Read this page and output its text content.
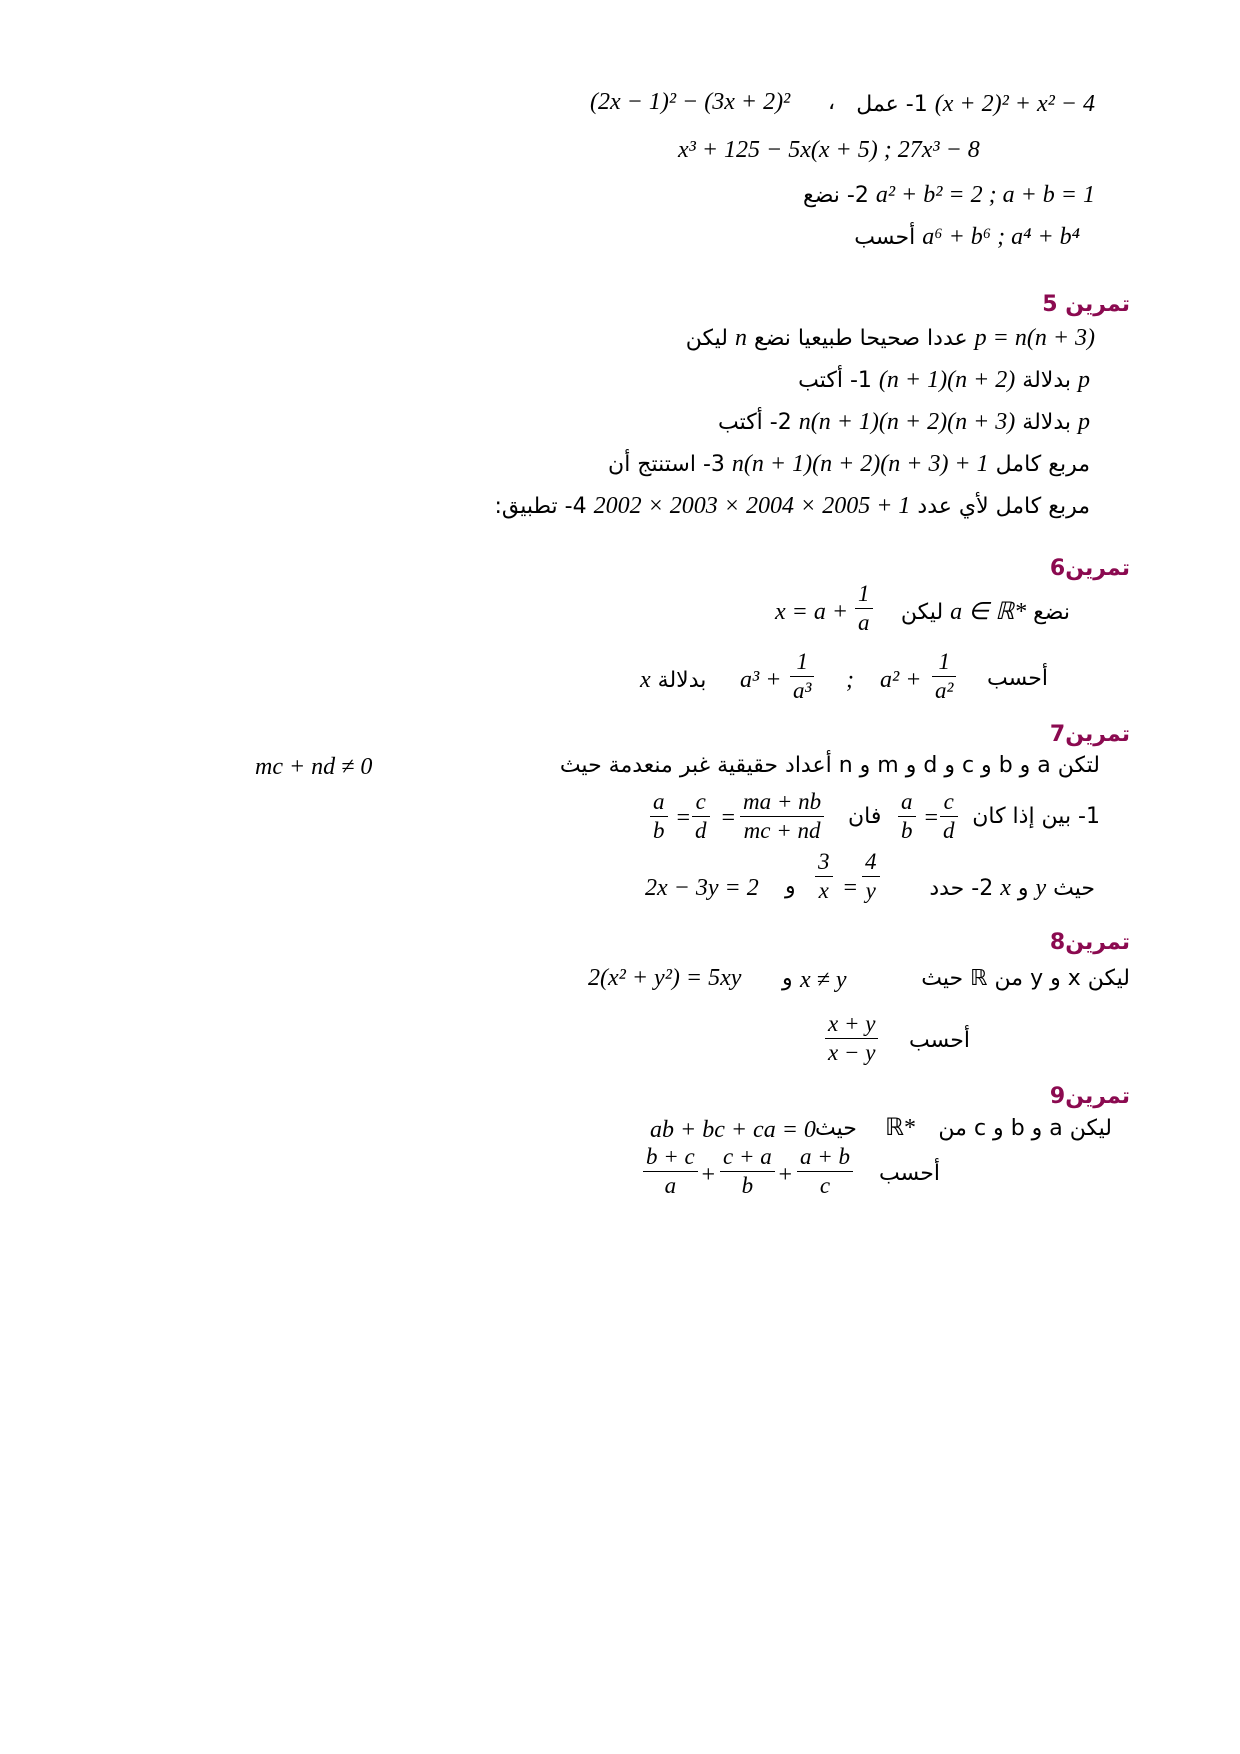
1- عمل (x + 2)² + x² − 4
،
(2x − 1)² − (3x + 2)²
x³ + 125 − 5x(x + 5) ; 27x³ − 8
2- نضع a² + b² = 2 ; a + b = 1
أحسب a⁶ + b⁶ ; a⁴ + b⁴
تمرين 5
ليكن n عددا صحيحا طبيعيا نضع p = n(n + 3)
1- أكتب (n + 1)(n + 2) بدلالة p
2- أكتب n(n + 1)(n + 2)(n + 3) بدلالة p
3- استنتج أن n(n + 1)(n + 2)(n + 3) + 1 مربع كامل
4- تطبيق: 2002 × 2003 × 2004 × 2005 + 1 مربع كامل لأي عدد
تمرين6
ليكن a ∈ ℝ* نضع
x = a +
1
a
أحسب
a² +
1
a²
;
a³ +
1
a³
x بدلالة
تمرين7
لتكن a و b و c و d و m و n أعداد حقيقية غبر منعدمة حيث
mc + nd ≠ 0
1- بين إذا كان
a
b =
c
d
فان
a
b =
c
d =
ma + nb
mc + nd
2- حدد x و y حيث
3
x =
4
y
و
2x − 3y = 2
تمرين8
ليكن x و y من ℝ حيث
x ≠ y
و
2(x² + y²) = 5xy
أحسب
x + y
x − y
تمرين9
ليكن a و b و c من
ℝ*
حيث
ab + bc + ca = 0
أحسب
b + c
a +
c + a
b +
a + b
c
